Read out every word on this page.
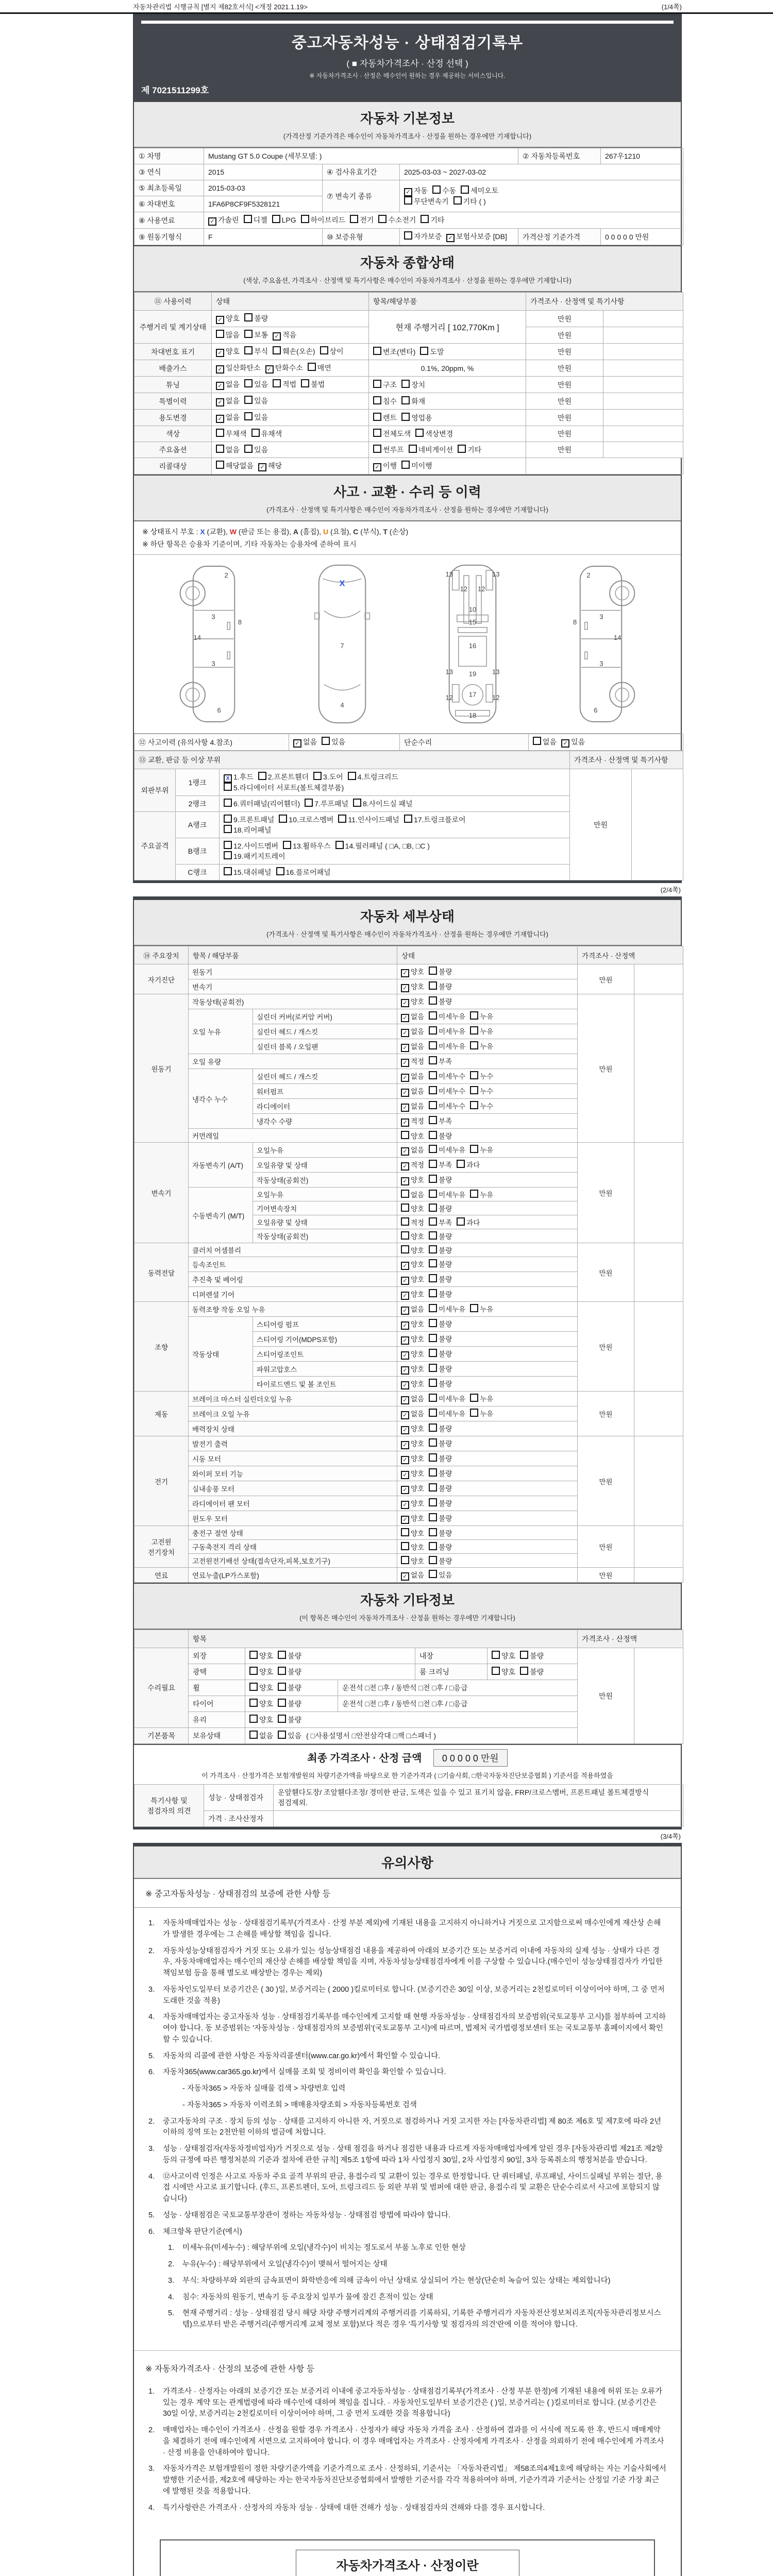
자동차관리법 시행규칙 [별지 제82호서식] <개정 2021.1.19>	(1/4쪽)
중고자동차성능 · 상태점검기록부
( ■ 자동차가격조사 · 산정 선택 )
※ 자동차가격조사 · 산정은 매수인이 원하는 경우 제공하는 서비스입니다.
제 7021511299호
자동차 기본정보
(가격산정 기준가격은 매수인이 자동차가격조사 · 산정을 원하는 경우에만 기재합니다)
① 차명	Mustang GT 5.0 Coupe (세부모델: )			② 자동차등록번호	267우1210
③ 연식	2015	④ 검사유효기간	2025-03-03 ~ 2027-03-02		
⑤ 최초등록일	2015-03-03	⑦ 변속기 종류	✓ 자동 수동 세미오토
무단변속기 기타 ( )		

⑥ 차대번호	1FA6P8CF9F5328121				
⑧ 사용연료	✓ 가솔린 디젤 LPG 하이브리드 전기 수소전기 기타				
⑨ 원동기형식	F	⑩ 보증유형	자가보증 ✓ 보험사보증 [DB]	가격산정 기준가격	0 0 0 0 0 만원
자동차 종합상태
(색상, 주요옵션, 가격조사 · 산정액 및 특기사항은 매수인이 자동차가격조사 · 산정을 원하는 경우에만 기재합니다)
⑪ 사용이력	상태	항목/해당부품	가격조사 · 산정액 및 특기사항	
주행거리 및 계기상태	✓ 양호 불량	현재 주행거리 [ 102,770Km ]	만원	
	많음 보통 ✓ 적음		만원	
차대번호 표기	✓ 양호 부식 훼손(오손) 상이	변조(변타) 도말	만원	
배출가스	✓ 일산화탄소 ✓ 탄화수소 매연	0.1%, 20ppm, %	만원	
튜닝	✓ 없음 있음 적법 불법	구조 장치	만원	
특별이력	✓ 없음 있음	침수 화재	만원	
용도변경	✓ 없음 있음	렌트 영업용	만원	
색상	무채색 유채색	전체도색 색상변경	만원	
주요옵션	없음 있음	썬루프 네비게이션 기타	만원	
리콜대상	해당없음 ✓ 해당	✓ 이행 미이행		
사고 · 교환 · 수리 등 이력
(가격조사 · 산정액 및 특기사항은 매수인이 자동차가격조사 · 산정을 원하는 경우에만 기재합니다)
※ 상태표시 부호 : X (교환), W (판금 또는 용접), A (흠집), U (요철), C (부식), T (손상)
※ 하단 항목은 승용차 기준이며, 기타 자동차는 승용차에 준하여 표시
2
3
3
14
8
6
X
7
4
13	13
12 12
10
15
16
13	13
19
12	12
17
18
2
3
3
14
8
6
⑫ 사고이력 (유의사항 4.참조)	✓ 없음 있음	단순수리	없음 ✓ 있음
⑬ 교환, 판금 등 이상 부위			가격조사 · 산정액 및 특기사항	
외판부위	1랭크	X 1.후드 2.프론트휀더 3.도어 4.트렁크리드
5.라디에이터 서포트(볼트체결부품)	만원	
	2랭크	6.쿼터패널(리어휀더) 7.루프패널 8.사이드실 패널		
주요골격	A랭크	9.프론트패널 10.크로스멤버 11.인사이드패널 17.트렁크플로어
18.리어패널		

	B랭크	12.사이드멤버 13.휠하우스 14.필러패널 ( □A, □B, □C )
19.패키지트레이		

	C랭크	15.대쉬패널 16.플로어패널		
(2/4쪽)
자동차 세부상태
(가격조사 · 산정액 및 특기사항은 매수인이 자동차가격조사 · 산정을 원하는 경우에만 기재합니다)
⑭ 주요장치	항목 / 해당부품		상태	가격조사 · 산정액	
자기진단	원동기		✓ 양호 불량	만원	
	변속기		✓ 양호 불량		
원동기	작동상태(공회전)		✓ 양호 불량	만원	
	오일 누유	실린더 커버(로커암 커버)	✓ 없음 미세누유 누유		
		실린더 헤드 / 개스킷	✓ 없음 미세누유 누유		
		실린더 블록 / 오일팬	✓ 없음 미세누유 누유		
	오일 유량		✓ 적정 부족		
	냉각수 누수	실린더 헤드 / 개스킷	✓ 없음 미세누수 누수		
		워터펌프	✓ 없음 미세누수 누수		
		라디에이터	✓ 없음 미세누수 누수		
		냉각수 수량	✓ 적정 부족		
	커먼레일		양호 불량		
변속기	자동변속기 (A/T)	오일누유	✓ 없음 미세누유 누유	만원	
		오일유량 및 상태	✓ 적정 부족 과다		
		작동상태(공회전)	✓ 양호 불량		
	수동변속기 (M/T)	오일누유	없음 미세누유 누유		
		기어변속장치	양호 불량		
		오일유량 및 상태	적정 부족 과다		
		작동상태(공회전)	양호 불량		
동력전달	클러치 어셈블리		양호 불량	만원	
	등속조인트		✓ 양호 불량		
	추진축 및 베어링		✓ 양호 불량		
	디퍼렌셜 기어		✓ 양호 불량		
조향	동력조향 작동 오일 누유		✓ 없음 미세누유 누유	만원	
	작동상태	스티어링 펌프	✓ 양호 불량		
		스티어링 기어(MDPS포함)	✓ 양호 불량		
		스티어링조인트	✓ 양호 불량		
		파워고압호스	✓ 양호 불량		
		타이로드엔드 및 볼 조인트	✓ 양호 불량		
제동	브레이크 마스터 실린더오일 누유		✓ 없음 미세누유 누유	만원	
	브레이크 오일 누유		✓ 없음 미세누유 누유		
	배력장치 상태		✓ 양호 불량		
전기	발전기 출력		✓ 양호 불량	만원	
	시동 모터		✓ 양호 불량		
	와이퍼 모터 기능		✓ 양호 불량		
	실내송풍 모터		✓ 양호 불량		
	라디에이터 팬 모터		✓ 양호 불량		
	윈도우 모터		✓ 양호 불량		
고전원 전기장치	충전구 절연 상태		양호 불량	만원	
	구동축전지 격리 상태		양호 불량		
	고전원전기배선 상태(접속단자,피복,보호기구)		양호 불량		
연료	연료누출(LP가스포함)		✓ 없음 있음	만원	
자동차 기타정보
(이 항목은 매수인이 자동차가격조사 · 산정을 원하는 경우에만 기재합니다)
	항목					가격조사 · 산정액	
수리필요	외장	양호 불량		내장	양호 불량	만원	
	광택	양호 불량		룸 크리닝	양호 불량		
	휠	양호 불량	운전석 □전 □후 / 동반석 □전 □후 / □응급				
	타이어	양호 불량	운전석 □전 □후 / 동반석 □전 □후 / □응급				
	유리	양호 불량					
기본품목	보유상태	없음 있음 ( □사용설명서 □안전삼각대 □잭 □스패너 )					
최종 가격조사 · 산정 금액 0 0 0 0 0 만원
이 가격조사 · 산정가격은 보험개발원의 차량기준가액을 바탕으로 한 기준가격과 ( □기술사회, □한국자동차진단보증협회 ) 기준서를 적용하였음
특기사항 및 점검자의 의견	성능 · 상태점검자	운앞휀다도장/ 조앞휀다조정/ 경미한 판금, 도색은 있을 수 있고 표기치 않음, FRP/크로스멤버, 프론트패널 볼트체결방식 점검제외.
	가격 · 조사산정자	
(3/4쪽)
유의사항
※ 중고자동차성능 · 상태점검의 보증에 관한 사항 등
1.	자동차매매업자는 성능 · 상태점검기록부(가격조사 · 산정 부분 제외)에 기재된 내용을 고지하지 아니하거나 거짓으로 고지함으로써 매수인에게 재산상 손해가 발생한 경우에는 그 손해를 배상할 책임을 집니다.
2.	자동차성능상태점검자가 거짓 또는 오류가 있는 성능상태점검 내용을 제공하여 아래의 보증기간 또는 보증거리 이내에 자동차의 실제 성능 · 상태가 다른 경우, 자동차매매업자는 매수인의 재산상 손해를 배상할 책임을 지며, 자동차성능상태점검자에게 이를 구상할 수 있습니다.(매수인이 성능상태점검자가 가입한 책임보험 등을 통해 별도로 배상받는 경우는 제외)
3.	자동차인도일부터 보증기간은 ( 30 )일, 보증거리는 ( 2000 )킬로미터로 합니다. (보증기간은 30일 이상, 보증거리는 2천킬로미터 이상이어야 하며, 그 중 먼저 도래한 것을 적용)
4.	자동차매매업자는 중고자동차 성능 · 상태점검기록부를 매수인에게 고지할 때 현행 자동차성능 · 상태점검자의 보증범위(국토교통부 고시)를 첨부하여 고지하여야 합니다. 동 보증범위는 '자동차성능 · 상태점검자의 보증범위'(국토교통부 고시)에 따르며, 법제처 국가법령정보센터 또는 국토교통부 홈페이지에서 확인할 수 있습니다.
5.	자동차의 리콜에 관한 사항은 자동차리콜센터(www.car.go.kr)에서 확인할 수 있습니다.
6.	자동차365(www.car365.go.kr)에서 실매물 조회 및 정비이력 확인을 확인할 수 있습니다.
- 자동차365 > 자동차 실매물 검색 > 차량번호 입력
- 자동차365 > 자동차 이력조회 > 매매용차량조회 > 자동차등록번호 검색
2.	중고자동차의 구조 · 장치 등의 성능 · 상태를 고지하지 아니한 자, 거짓으로 점검하거나 거짓 고지한 자는 [자동차관리법] 제 80조 제6호 및 제7호에 따라 2년 이하의 징역 또는 2천만원 이하의 벌금에 처합니다.
3.	성능 · 상태점검자(자동차정비업자)가 거짓으로 성능 · 상태 점검을 하거나 점검한 내용과 다르게 자동차매매업자에게 알린 경우 [자동차관리법 제21조 제2항 등의 규정에 따른 행정처분의 기준과 절차에 관한 규칙] 제5조 1항에 따라 1차 사업정지 30일, 2차 사업정지 90일, 3차 등록취소의 행정처분을 받습니다.
4.	⑫사고이력 인정은 사고로 자동차 주요 골격 부위의 판금, 용접수리 및 교환이 있는 경우로 한정합니다. 단 쿼터패널, 루프패널, 사이드실패널 부위는 절단, 용접 시에만 사고로 표기합니다. (후드, 프론트펜더, 도어, 트렁크리드 등 외판 부위 및 범퍼에 대한 판금, 용접수리 및 교환은 단순수리로서 사고에 포함되지 않습니다)
5.	성능 · 상태점검은 국토교통부장관이 정하는 자동차성능 · 상태점검 방법에 따라야 합니다.
6.	체크항목 판단기준(예시)
1.	미세누유(미세누수) : 해당부위에 오일(냉각수)이 비치는 정도로서 부품 노후로 인한 현상
2.	누유(누수) : 해당부위에서 오일(냉각수)이 맺혀서 떨어지는 상태
3.	부식: 차량하부와 외판의 금속표면이 화학반응에 의해 금속이 아닌 상태로 상실되어 가는 현상(단순히 녹슬어 있는 상태는 제외합니다)
4.	침수: 자동차의 원동기, 변속기 등 주요장치 일부가 물에 잠긴 흔적이 있는 상태
5.	현재 주행거리 : 성능 · 상태점검 당시 해당 차량 주행거리계의 주행거리를 기록하되, 기록한 주행거리가 자동차전산정보처리조직(자동차관리정보시스템)으로부터 받은 주행거리(주행거리계 교체 정보 포함)보다 적은 경우 '특기사항 및 점검자의 의견'란에 이를 적어야 합니다.
※ 자동차가격조사 · 산정의 보증에 관한 사항 등
1.	가격조사 · 산정자는 아래의 보증기간 또는 보증거리 이내에 중고자동차성능 · 상태점검기록부(가격조사 · 산정 부분 한정)에 기재된 내용에 허위 또는 오류가 있는 경우 계약 또는 관계법령에 따라 매수인에 대하여 책임을 집니다. · 자동차인도일부터 보증기간은 ( )일, 보증거리는 ( )킬로미터로 합니다. (보증기간은 30일 이상, 보증거리는 2천킬로미터 이상이어야 하며, 그 중 먼저 도래한 것을 적용합니다)
2.	매매업자는 매수인이 가격조사 · 산정을 원할 경우 가격조사 · 산정자가 해당 자동차 가격을 조사 · 산정하여 결과를 이 서식에 적도록 한 후, 반드시 매매계약을 체결하기 전에 매수인에게 서면으로 고지하여야 합니다. 이 경우 매매업자는 가격조사 · 산정자에게 가격조사 · 산정을 의뢰하기 전에 매수인에게 가격조사 · 산정 비용을 안내하여야 합니다.
3.	자동차가격은 보험개발원이 정한 차량기준가액을 기준가격으로 조사 · 산정하되, 기준서는 「자동차관리법」 제58조의4제1호에 해당하는 자는 기술사회에서 발행한 기준서를, 제2호에 해당하는 자는 한국자동차진단보증협회에서 발행한 기준서를 각각 적용하여야 하며, 기준가격과 기준서는 산정일 기준 가장 최근에 발행된 것을 적용합니다.
4.	특기사항란은 가격조사 · 산정자의 자동차 성능 · 상태에 대한 견해가 성능 · 상태점검자의 견해와 다를 경우 표시합니다.
자동차가격조사 · 산정이란
